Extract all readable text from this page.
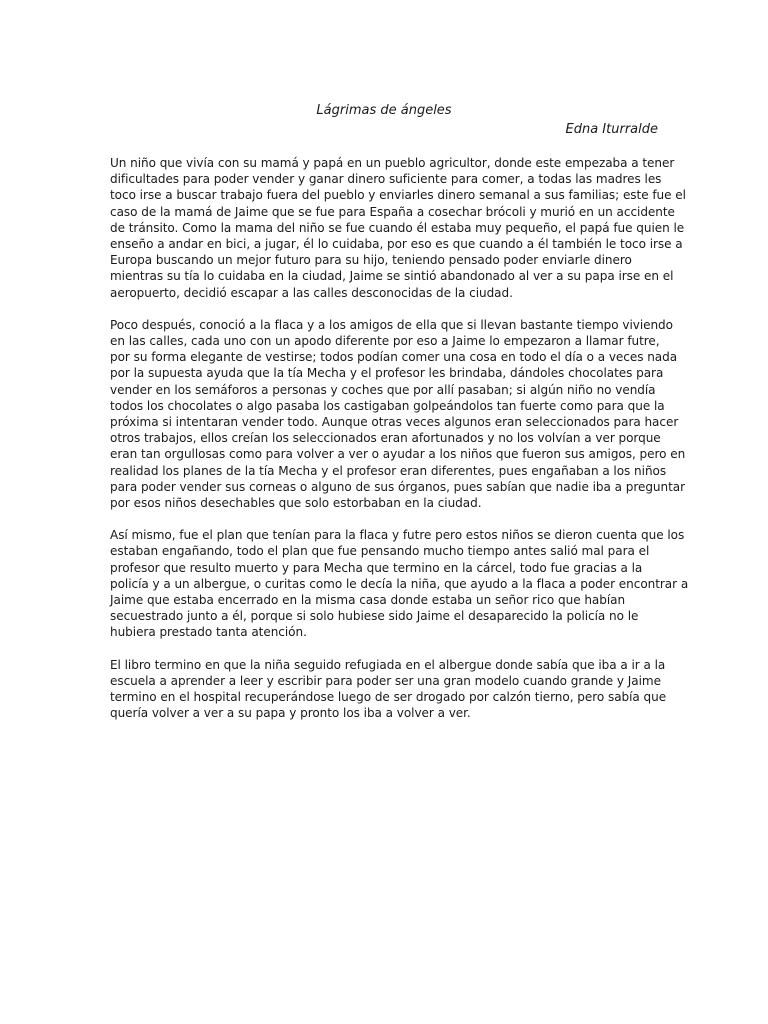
Lágrimas de ángeles
Edna Iturralde

Un niño que vivía con su mamá y papá en un pueblo agricultor, donde este empezaba a tener
dificultades para poder vender y ganar dinero suficiente para comer, a todas las madres les
toco irse a buscar trabajo fuera del pueblo y enviarles dinero semanal a sus familias; este fue el
caso de la mamá de Jaime que se fue para España a cosechar brócoli y murió en un accidente
de tránsito. Como la mama del niño se fue cuando él estaba muy pequeño, el papá fue quien le
enseño a andar en bici, a jugar, él lo cuidaba, por eso es que cuando a él también le toco irse a
Europa buscando un mejor futuro para su hijo, teniendo pensado poder enviarle dinero
mientras su tía lo cuidaba en la ciudad, Jaime se sintió abandonado al ver a su papa irse en el
aeropuerto, decidió escapar a las calles desconocidas de la ciudad.

Poco después, conoció a la flaca y a los amigos de ella que si llevan bastante tiempo viviendo
en las calles, cada uno con un apodo diferente por eso a Jaime lo empezaron a llamar futre,
por su forma elegante de vestirse; todos podían comer una cosa en todo el día o a veces nada
por la supuesta ayuda que la tía Mecha y el profesor les brindaba, dándoles chocolates para
vender en los semáforos a personas y coches que por allí pasaban; si algún niño no vendía
todos los chocolates o algo pasaba los castigaban golpeándolos tan fuerte como para que la
próxima si intentaran vender todo. Aunque otras veces algunos eran seleccionados para hacer
otros trabajos, ellos creían los seleccionados eran afortunados y no los volvían a ver porque
eran tan orgullosas como para volver a ver o ayudar a los niños que fueron sus amigos, pero en
realidad los planes de la tía Mecha y el profesor eran diferentes, pues engañaban a los niños
para poder vender sus corneas o alguno de sus órganos, pues sabían que nadie iba a preguntar
por esos niños desechables que solo estorbaban en la ciudad.

Así mismo, fue el plan que tenían para la flaca y futre pero estos niños se dieron cuenta que los
estaban engañando, todo el plan que fue pensando mucho tiempo antes salió mal para el
profesor que resulto muerto y para Mecha que termino en la cárcel, todo fue gracias a la
policía y a un albergue, o curitas como le decía la niña, que ayudo a la flaca a poder encontrar a
Jaime que estaba encerrado en la misma casa donde estaba un señor rico que habían
secuestrado junto a él, porque si solo hubiese sido Jaime el desaparecido la policía no le
hubiera prestado tanta atención.

El libro termino en que la niña seguido refugiada en el albergue donde sabía que iba a ir a la
escuela a aprender a leer y escribir para poder ser una gran modelo cuando grande y Jaime
termino en el hospital recuperándose luego de ser drogado por calzón tierno, pero sabía que
quería volver a ver a su papa y pronto los iba a volver a ver.
